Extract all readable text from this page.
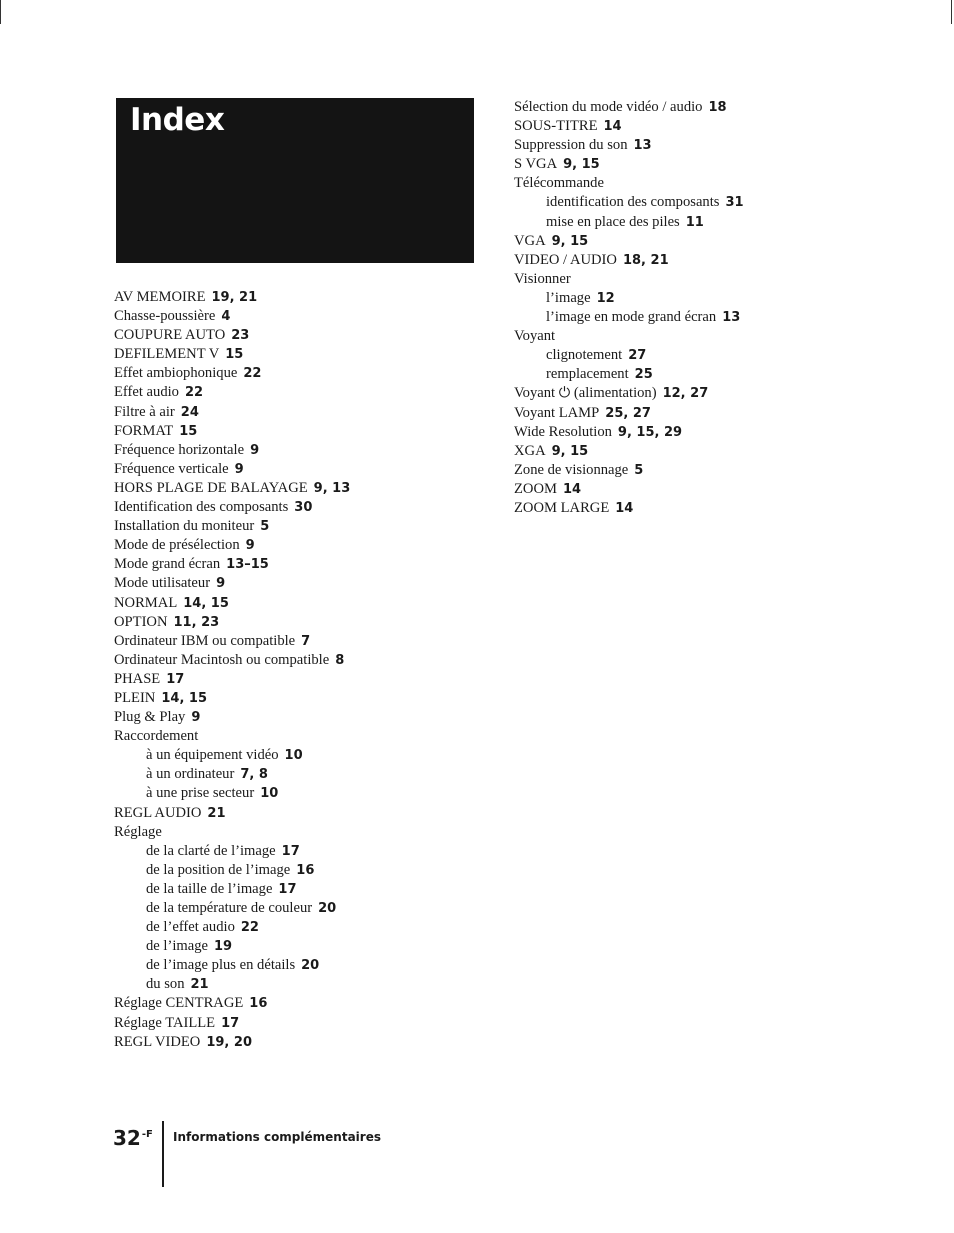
Index
AV MEMOIRE 19, 21
Chasse-poussière 4
COUPURE AUTO 23
DEFILEMENT V 15
Effet ambiophonique 22
Effet audio 22
Filtre à air 24
FORMAT 15
Fréquence horizontale 9
Fréquence verticale 9
HORS PLAGE DE BALAYAGE 9, 13
Identification des composants 30
Installation du moniteur 5
Mode de présélection 9
Mode grand écran 13–15
Mode utilisateur 9
NORMAL 14, 15
OPTION 11, 23
Ordinateur IBM ou compatible 7
Ordinateur Macintosh ou compatible 8
PHASE 17
PLEIN 14, 15
Plug & Play 9
Raccordement
à un équipement vidéo 10
à un ordinateur 7, 8
à une prise secteur 10
REGL AUDIO 21
Réglage
de la clarté de l’image 17
de la position de l’image 16
de la taille de l’image 17
de la température de couleur 20
de l’effet audio 22
de l’image 19
de l’image plus en détails 20
du son 21
Réglage CENTRAGE 16
Réglage TAILLE 17
REGL VIDEO 19, 20
Sélection du mode vidéo / audio 18
SOUS-TITRE 14
Suppression du son 13
S VGA 9, 15
Télécommande
identification des composants 31
mise en place des piles 11
VGA 9, 15
VIDEO / AUDIO 18, 21
Visionner
l’image 12
l’image en mode grand écran 13
Voyant
clignotement 27
remplacement 25
Voyant ⏻ (alimentation) 12, 27
Voyant LAMP 25, 27
Wide Resolution 9, 15, 29
XGA 9, 15
Zone de visionnage 5
ZOOM 14
ZOOM LARGE 14
$32^{-F}$ Informations complémentaires
